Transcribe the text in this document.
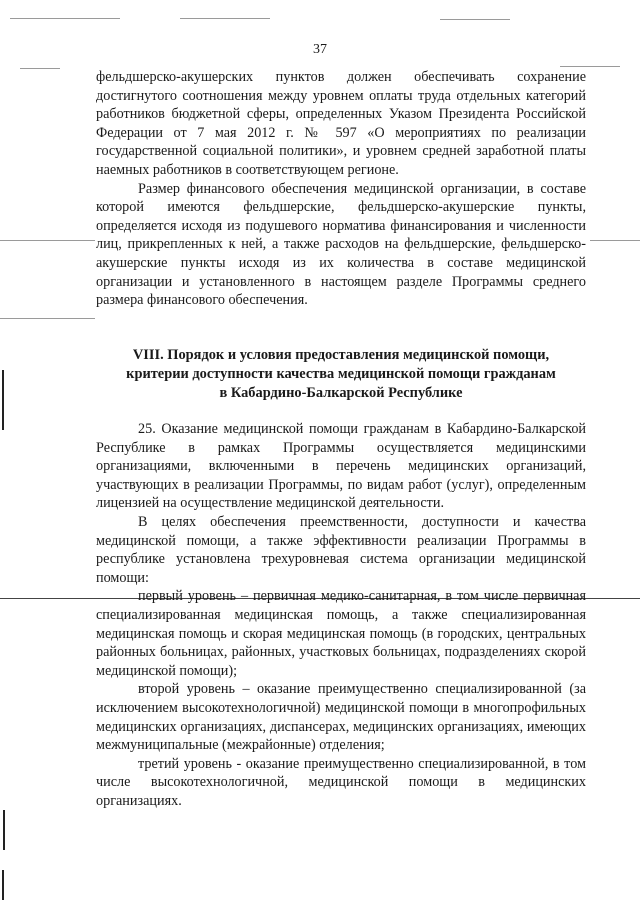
37

фельдшерско-акушерских пунктов должен обеспечивать сохранение достигнутого соотношения между уровнем оплаты труда отдельных категорий работников бюджетной сферы, определенных Указом Президента Российской Федерации от 7 мая 2012 г. № 597 «О мероприятиях по реализации государственной социальной политики», и уровнем средней заработной платы наемных работников в соответствующем регионе.

Размер финансового обеспечения медицинской организации, в составе которой имеются фельдшерские, фельдшерско-акушерские пункты, определяется исходя из подушевого норматива финансирования и численности лиц, прикрепленных к ней, а также расходов на фельдшерские, фельдшерско-акушерские пункты исходя из их количества в составе медицинской организации и установленного в настоящем разделе Программы среднего размера финансового обеспечения.

VIII. Порядок и условия предоставления медицинской помощи,
критерии доступности качества медицинской помощи гражданам
в Кабардино-Балкарской Республике

25. Оказание медицинской помощи гражданам в Кабардино-Балкарской Республике в рамках Программы осуществляется медицинскими организациями, включенными в перечень медицинских организаций, участвующих в реализации Программы, по видам работ (услуг), определенным лицензией на осуществление медицинской деятельности.

В целях обеспечения преемственности, доступности и качества медицинской помощи, а также эффективности реализации Программы в республике установлена трехуровневая система организации медицинской помощи:

первый уровень – первичная медико-санитарная, в том числе первичная специализированная медицинская помощь, а также специализированная медицинская помощь и скорая медицинская помощь (в городских, центральных районных больницах, районных, участковых больницах, подразделениях скорой медицинской помощи);

второй уровень – оказание преимущественно специализированной (за исключением высокотехнологичной) медицинской помощи в многопрофильных медицинских организациях, диспансерах, медицинских организациях, имеющих межмуниципальные (межрайонные) отделения;

третий уровень - оказание преимущественно специализированной, в том числе высокотехнологичной, медицинской помощи в медицинских организациях.
